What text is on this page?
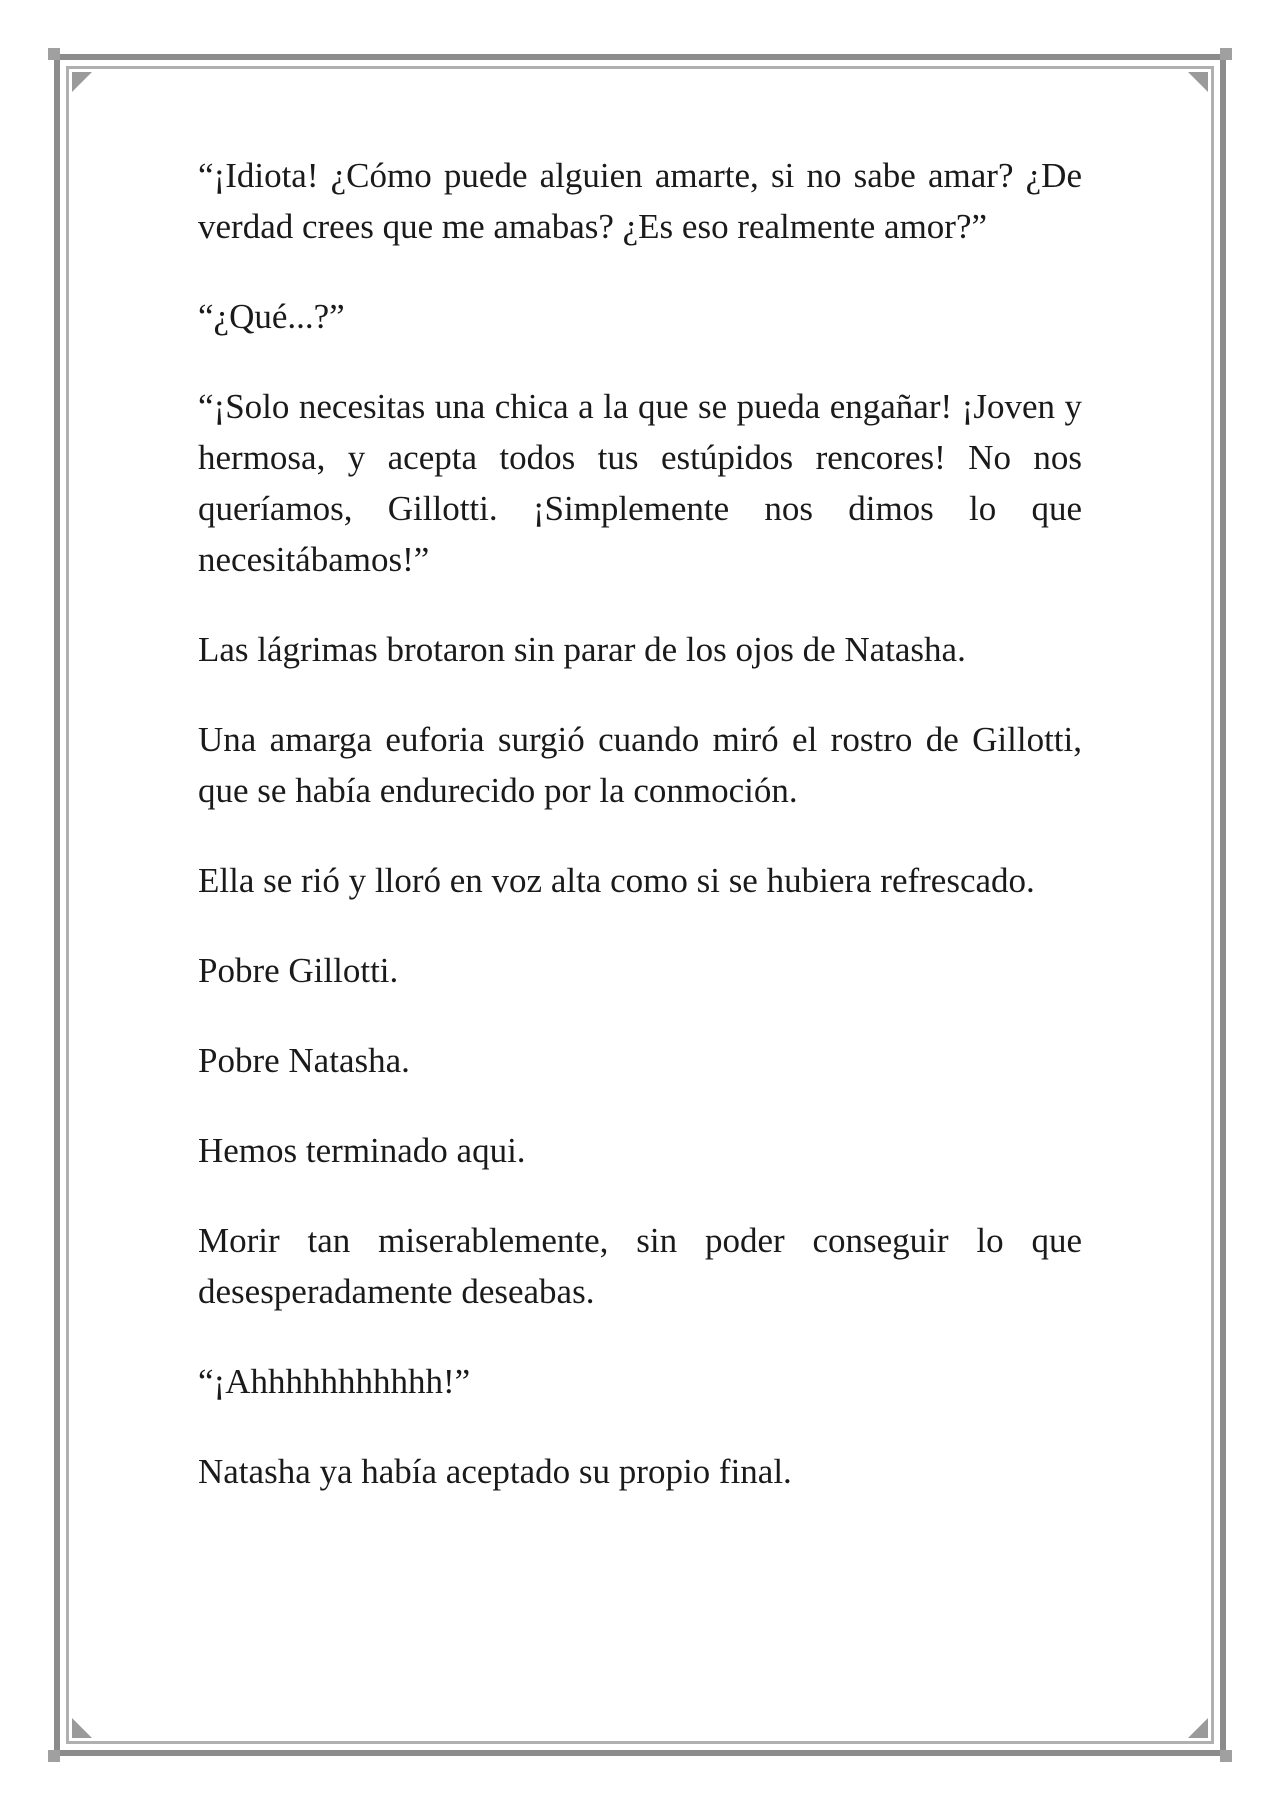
“¡Idiota! ¿Cómo puede alguien amarte, si no sabe amar? ¿De verdad crees que me amabas? ¿Es eso realmente amor?”

“¿Qué...?”

“¡Solo necesitas una chica a la que se pueda engañar! ¡Joven y hermosa, y acepta todos tus estúpidos rencores! No nos queríamos, Gillotti. ¡Simplemente nos dimos lo que necesitábamos!”

Las lágrimas brotaron sin parar de los ojos de Natasha.

Una amarga euforia surgió cuando miró el rostro de Gillotti, que se había endurecido por la conmoción.

Ella se rió y lloró en voz alta como si se hubiera refrescado.

Pobre Gillotti.

Pobre Natasha.

Hemos terminado aqui.

Morir tan miserablemente, sin poder conseguir lo que desesperadamente deseabas.

“¡Ahhhhhhhhhhh!”

Natasha ya había aceptado su propio final.
